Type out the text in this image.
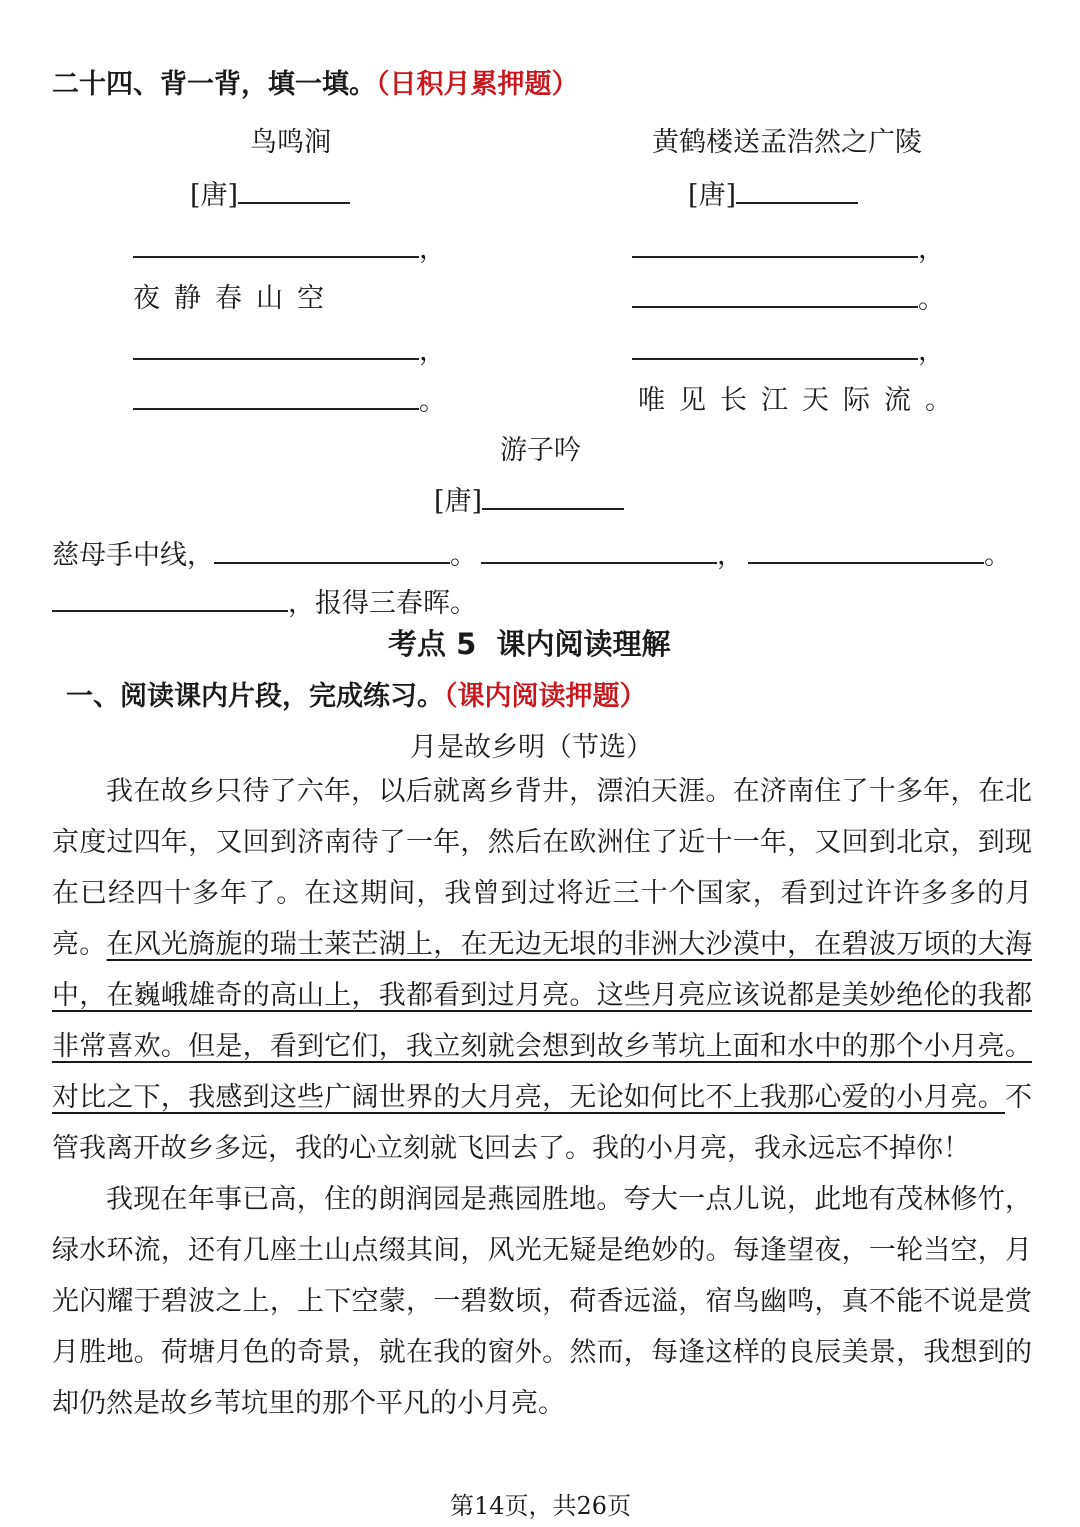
二十四、背一背，填一填。（日积月累押题）
鸟鸣涧
[唐]
，
夜静春山空
，
。
黄鹤楼送孟浩然之广陵
[唐]
，
。
，
唯见长江天际流。
游子吟
[唐]
慈母手中线，	。	，	。
，报得三春晖。
考点 5  课内阅读理解
一、阅读课内片段，完成练习。（课内阅读押题）
月是故乡明（节选）

我在故乡只待了六年，以后就离乡背井，漂泊天涯。在济南住了十多年，在北京度过四年，又回到济南待了一年，然后在欧洲住了近十一年，又回到北京，到现在已经四十多年了。在这期间，我曾到过将近三十个国家，看到过许许多多的月亮。在风光旖旎的瑞士莱芒湖上，在无边无垠的非洲大沙漠中，在碧波万顷的大海中，在巍峨雄奇的高山上，我都看到过月亮。这些月亮应该说都是美妙绝伦的我都非常喜欢。但是，看到它们，我立刻就会想到故乡苇坑上面和水中的那个小月亮。对比之下，我感到这些广阔世界的大月亮，无论如何比不上我那心爱的小月亮。不管我离开故乡多远，我的心立刻就飞回去了。我的小月亮，我永远忘不掉你！

我现在年事已高，住的朗润园是燕园胜地。夸大一点儿说，此地有茂林修竹，绿水环流，还有几座土山点缀其间，风光无疑是绝妙的。每逢望夜，一轮当空，月光闪耀于碧波之上，上下空蒙，一碧数顷，荷香远溢，宿鸟幽鸣，真不能不说是赏月胜地。荷塘月色的奇景，就在我的窗外。然而，每逢这样的良辰美景，我想到的却仍然是故乡苇坑里的那个平凡的小月亮。

第14页，共26页
